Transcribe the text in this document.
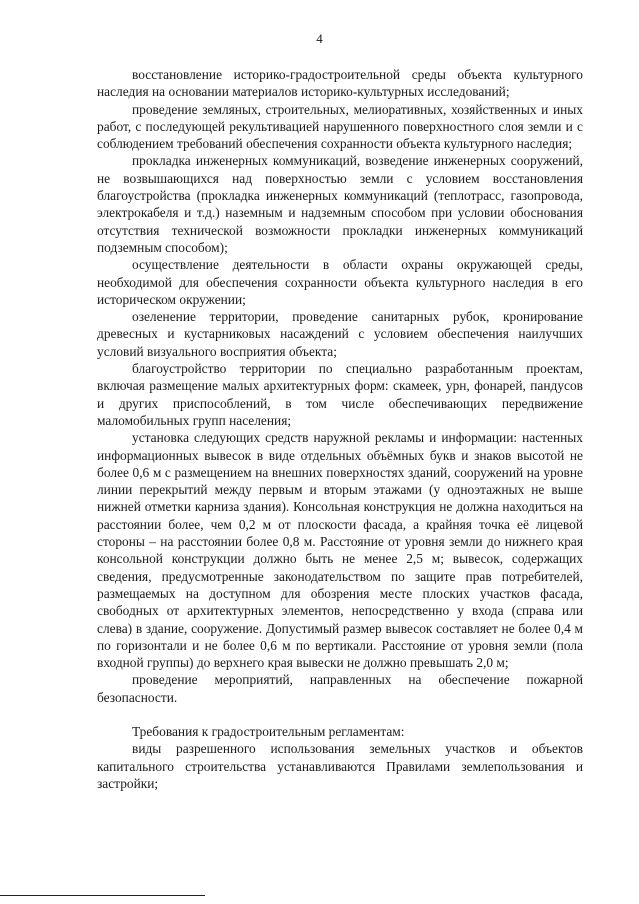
4

восстановление историко-градостроительной среды объекта культурного наследия на основании материалов историко-культурных исследований;

проведение земляных, строительных, мелиоративных, хозяйственных и иных работ, с последующей рекультивацией нарушенного поверхностного слоя земли и с соблюдением требований обеспечения сохранности объекта культурного наследия;

прокладка инженерных коммуникаций, возведение инженерных сооружений, не возвышающихся над поверхностью земли с условием восстановления благоустройства (прокладка инженерных коммуникаций (теплотрасс, газопровода, электрокабеля и т.д.) наземным и надземным способом при условии обоснования отсутствия технической возможности прокладки инженерных коммуникаций подземным способом);

осуществление деятельности в области охраны окружающей среды, необходимой для обеспечения сохранности объекта культурного наследия в его историческом окружении;

озеленение территории, проведение санитарных рубок, кронирование древесных и кустарниковых насаждений с условием обеспечения наилучших условий визуального восприятия объекта;

благоустройство территории по специально разработанным проектам, включая размещение малых архитектурных форм: скамеек, урн, фонарей, пандусов и других приспособлений, в том числе обеспечивающих передвижение маломобильных групп населения;

установка следующих средств наружной рекламы и информации: настенных информационных вывесок в виде отдельных объёмных букв и знаков высотой не более 0,6 м с размещением на внешних поверхностях зданий, сооружений на уровне линии перекрытий между первым и вторым этажами (у одноэтажных не выше нижней отметки карниза здания). Консольная конструкция не должна находиться на расстоянии более, чем 0,2 м от плоскости фасада, а крайняя точка её лицевой стороны – на расстоянии более 0,8 м. Расстояние от уровня земли до нижнего края консольной конструкции должно быть не менее 2,5 м; вывесок, содержащих сведения, предусмотренные законодательством по защите прав потребителей, размещаемых на доступном для обозрения месте плоских участков фасада, свободных от архитектурных элементов, непосредственно у входа (справа или слева) в здание, сооружение. Допустимый размер вывесок составляет не более 0,4 м по горизонтали и не более 0,6 м по вертикали. Расстояние от уровня земли (пола входной группы) до верхнего края вывески не должно превышать 2,0 м;

проведение мероприятий, направленных на обеспечение пожарной безопасности.

Требования к градостроительным регламентам:

виды разрешенного использования земельных участков и объектов капитального строительства устанавливаются Правилами землепользования и застройки;
